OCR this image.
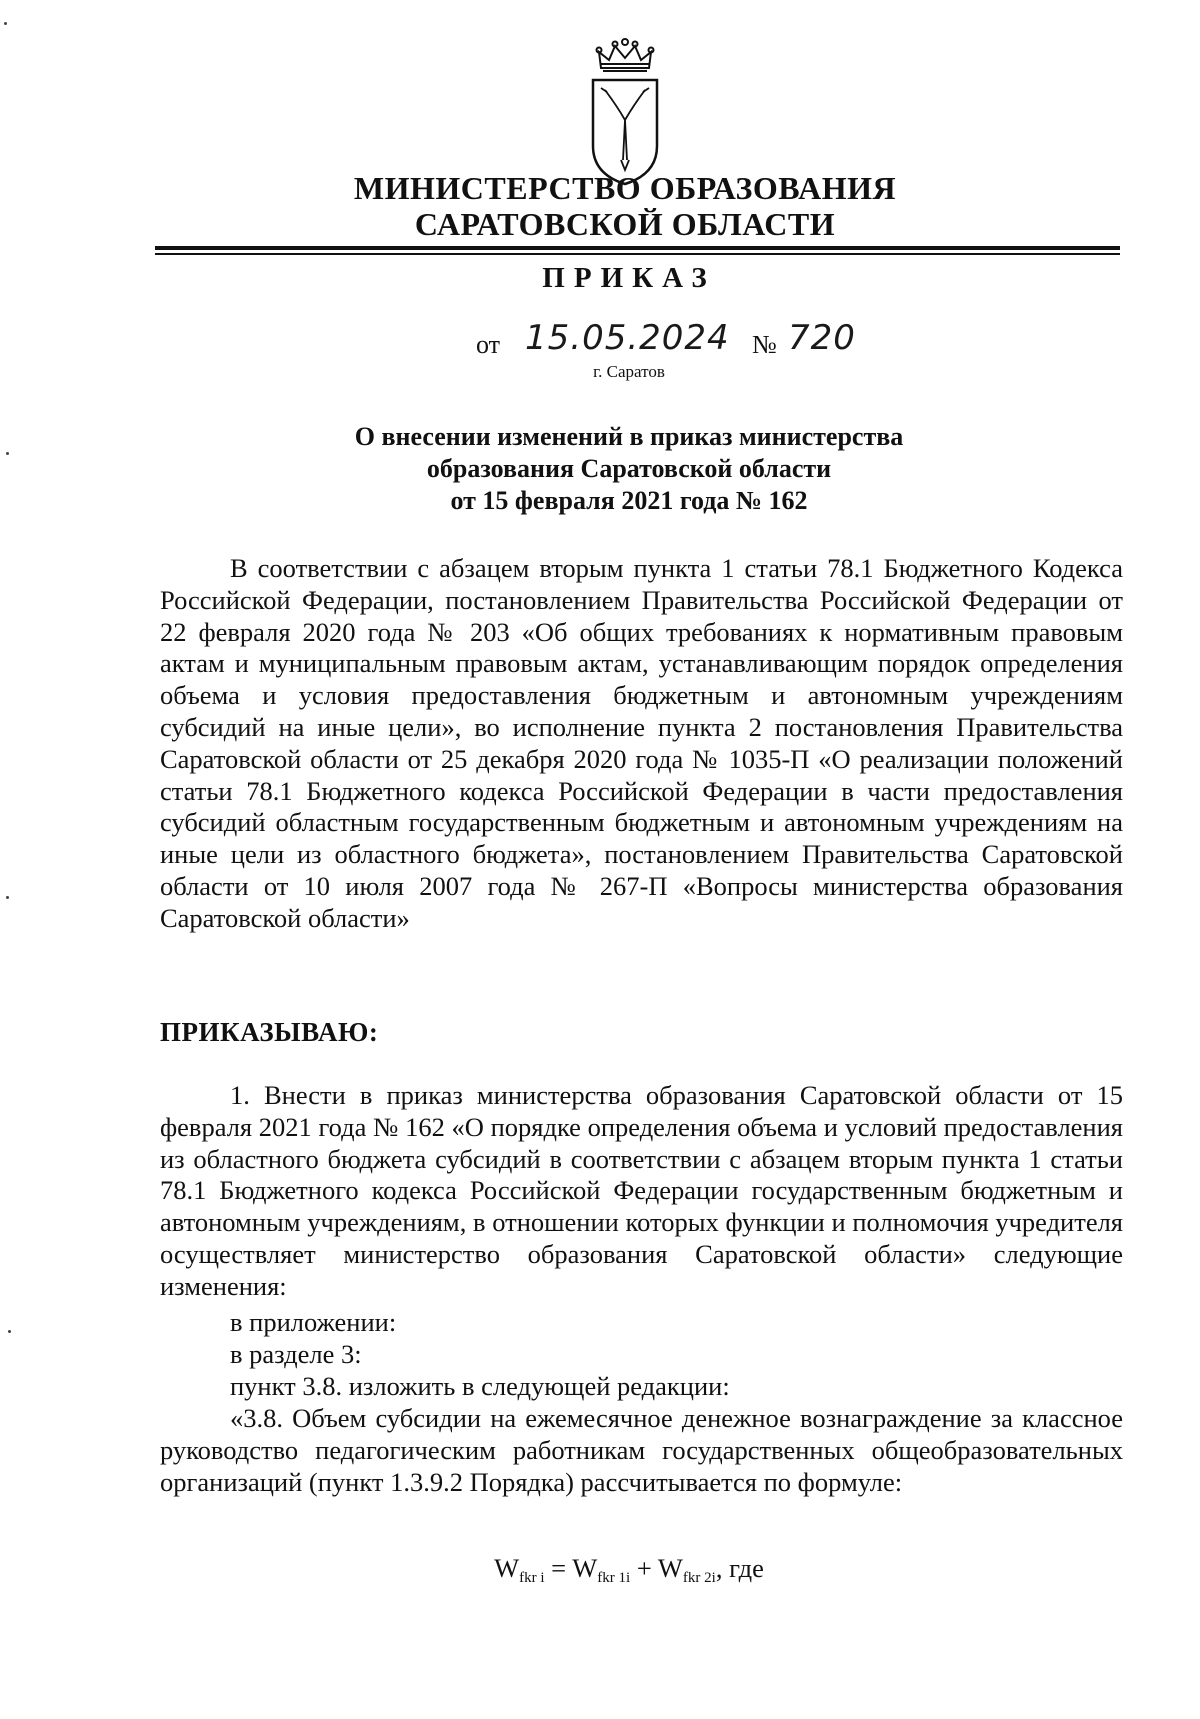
МИНИСТЕРСТВО ОБРАЗОВАНИЯ
САРАТОВСКОЙ ОБЛАСТИ
ПРИКАЗ
от 15.05.2024 № 720
г. Саратов
О внесении изменений в приказ министерства
образования Саратовской области
от 15 февраля 2021 года № 162
В соответствии с абзацем вторым пункта 1 статьи 78.1 Бюджетного Кодекса Российской Федерации, постановлением Правительства Российской Федерации от 22 февраля 2020 года № 203 «Об общих требованиях к нормативным правовым актам и муниципальным правовым актам, устанавливающим порядок определения объема и условия предоставления бюджетным и автономным учреждениям субсидий на иные цели», во исполнение пункта 2 постановления Правительства Саратовской области от 25 декабря 2020 года № 1035-П «О реализации положений статьи 78.1 Бюджетного кодекса Российской Федерации в части предоставления субсидий областным государственным бюджетным и автономным учреждениям на иные цели из областного бюджета», постановлением Правительства Саратовской области от 10 июля 2007 года № 267-П «Вопросы министерства образования Саратовской области»
ПРИКАЗЫВАЮ:
1. Внести в приказ министерства образования Саратовской области от 15 февраля 2021 года № 162 «О порядке определения объема и условий предоставления из областного бюджета субсидий в соответствии с абзацем вторым пункта 1 статьи 78.1 Бюджетного кодекса Российской Федерации государственным бюджетным и автономным учреждениям, в отношении которых функции и полномочия учредителя осуществляет министерство образования Саратовской области» следующие изменения:
в приложении:
в разделе 3:
пункт 3.8. изложить в следующей редакции:
«3.8. Объем субсидии на ежемесячное денежное вознаграждение за классное руководство педагогическим работникам государственных общеобразовательных организаций (пункт 1.3.9.2 Порядка) рассчитывается по формуле:
$W_{fkr i} = W_{fkr 1i} + W_{fkr 2i}$, где
